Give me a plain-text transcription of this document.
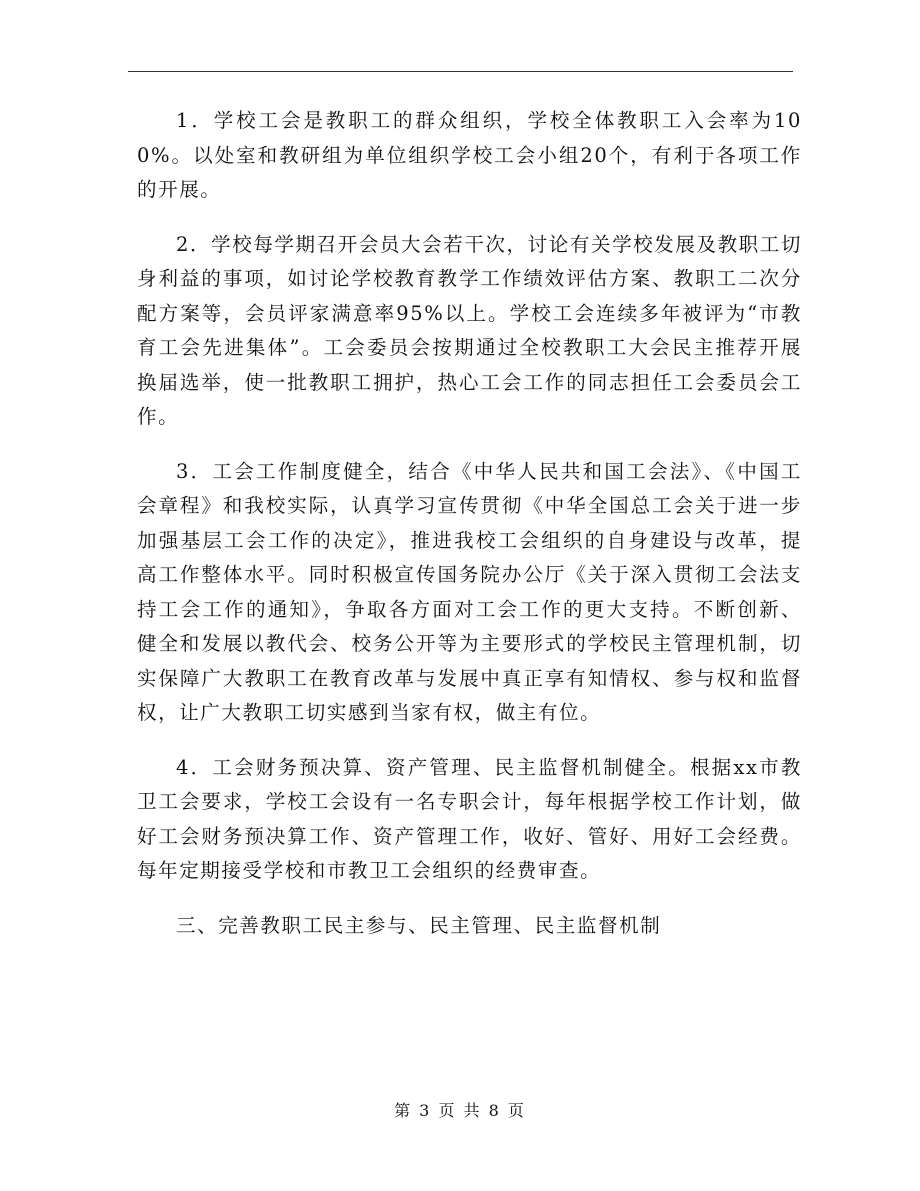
1．学校工会是教职工的群众组织，学校全体教职工入会率为100%。以处室和教研组为单位组织学校工会小组20个，有利于各项工作的开展。

2．学校每学期召开会员大会若干次，讨论有关学校发展及教职工切身利益的事项，如讨论学校教育教学工作绩效评估方案、教职工二次分配方案等，会员评家满意率95%以上。学校工会连续多年被评为“市教育工会先进集体”。工会委员会按期通过全校教职工大会民主推荐开展换届选举，使一批教职工拥护，热心工会工作的同志担任工会委员会工作。

3．工会工作制度健全，结合《中华人民共和国工会法》、《中国工会章程》和我校实际，认真学习宣传贯彻《中华全国总工会关于进一步加强基层工会工作的决定》，推进我校工会组织的自身建设与改革，提高工作整体水平。同时积极宣传国务院办公厅《关于深入贯彻工会法支持工会工作的通知》，争取各方面对工会工作的更大支持。不断创新、健全和发展以教代会、校务公开等为主要形式的学校民主管理机制，切实保障广大教职工在教育改革与发展中真正享有知情权、参与权和监督权，让广大教职工切实感到当家有权，做主有位。

4．工会财务预决算、资产管理、民主监督机制健全。根据xx市教卫工会要求，学校工会设有一名专职会计，每年根据学校工作计划，做好工会财务预决算工作、资产管理工作，收好、管好、用好工会经费。每年定期接受学校和市教卫工会组织的经费审查。

三、完善教职工民主参与、民主管理、民主监督机制

第 3 页 共 8 页
